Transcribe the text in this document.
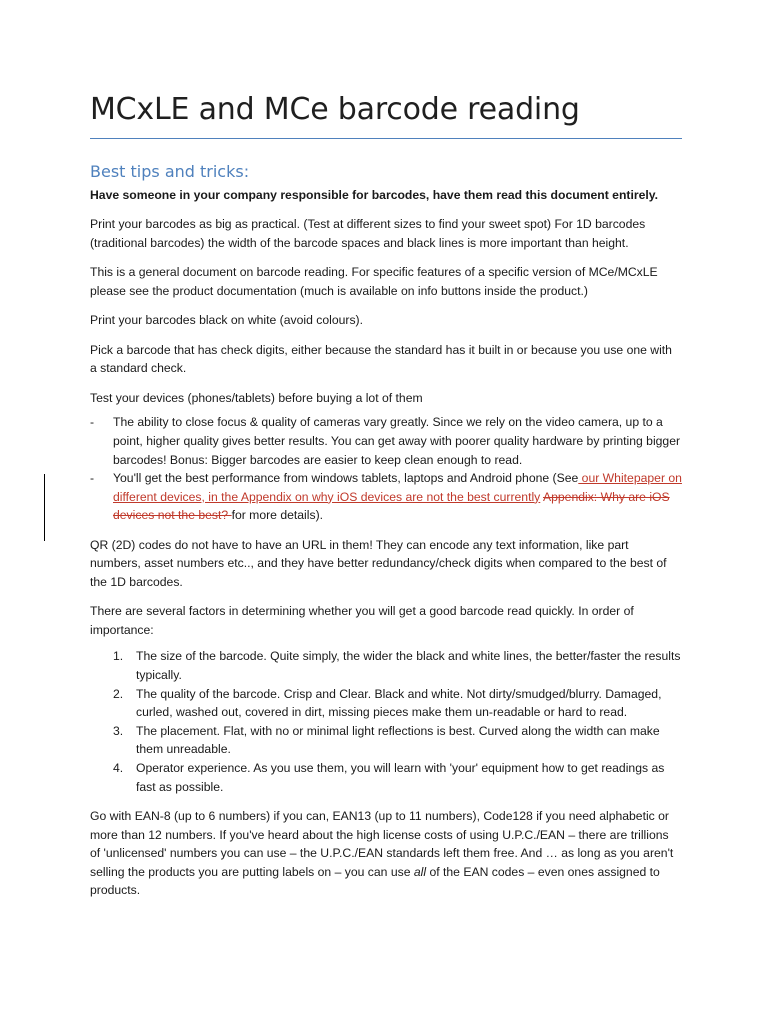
MCxLE and MCe barcode reading
Best tips and tricks:

Have someone in your company responsible for barcodes, have them read this document entirely.

Print your barcodes as big as practical. (Test at different sizes to find your sweet spot) For 1D barcodes (traditional barcodes) the width of the barcode spaces and black lines is more important than height.

This is a general document on barcode reading. For specific features of a specific version of MCe/MCxLE please see the product documentation (much is available on info buttons inside the product.)

Print your barcodes black on white (avoid colours).

Pick a barcode that has check digits, either because the standard has it built in or because you use one with a standard check.

Test your devices (phones/tablets) before buying a lot of them

- The ability to close focus & quality of cameras vary greatly. Since we rely on the video camera, up to a point, higher quality gives better results. You can get away with poorer quality hardware by printing bigger barcodes! Bonus: Bigger barcodes are easier to keep clean enough to read.
- You'll get the best performance from windows tablets, laptops and Android phone (See our Whitepaper on different devices, in the Appendix on why iOS devices are not the best currently Appendix: Why are iOS devices not the best? for more details).

QR (2D) codes do not have to have an URL in them! They can encode any text information, like part numbers, asset numbers etc.., and they have better redundancy/check digits when compared to the best of the 1D barcodes.

There are several factors in determining whether you will get a good barcode read quickly. In order of importance:

1. The size of the barcode. Quite simply, the wider the black and white lines, the better/faster the results typically.
2. The quality of the barcode. Crisp and Clear. Black and white. Not dirty/smudged/blurry. Damaged, curled, washed out, covered in dirt, missing pieces make them un-readable or hard to read.
3. The placement. Flat, with no or minimal light reflections is best. Curved along the width can make them unreadable.
4. Operator experience. As you use them, you will learn with 'your' equipment how to get readings as fast as possible.

Go with EAN-8 (up to 6 numbers) if you can, EAN13 (up to 11 numbers), Code128 if you need alphabetic or more than 12 numbers. If you've heard about the high license costs of using U.P.C./EAN – there are trillions of 'unlicensed' numbers you can use – the U.P.C./EAN standards left them free. And … as long as you aren't selling the products you are putting labels on – you can use all of the EAN codes – even ones assigned to products.
